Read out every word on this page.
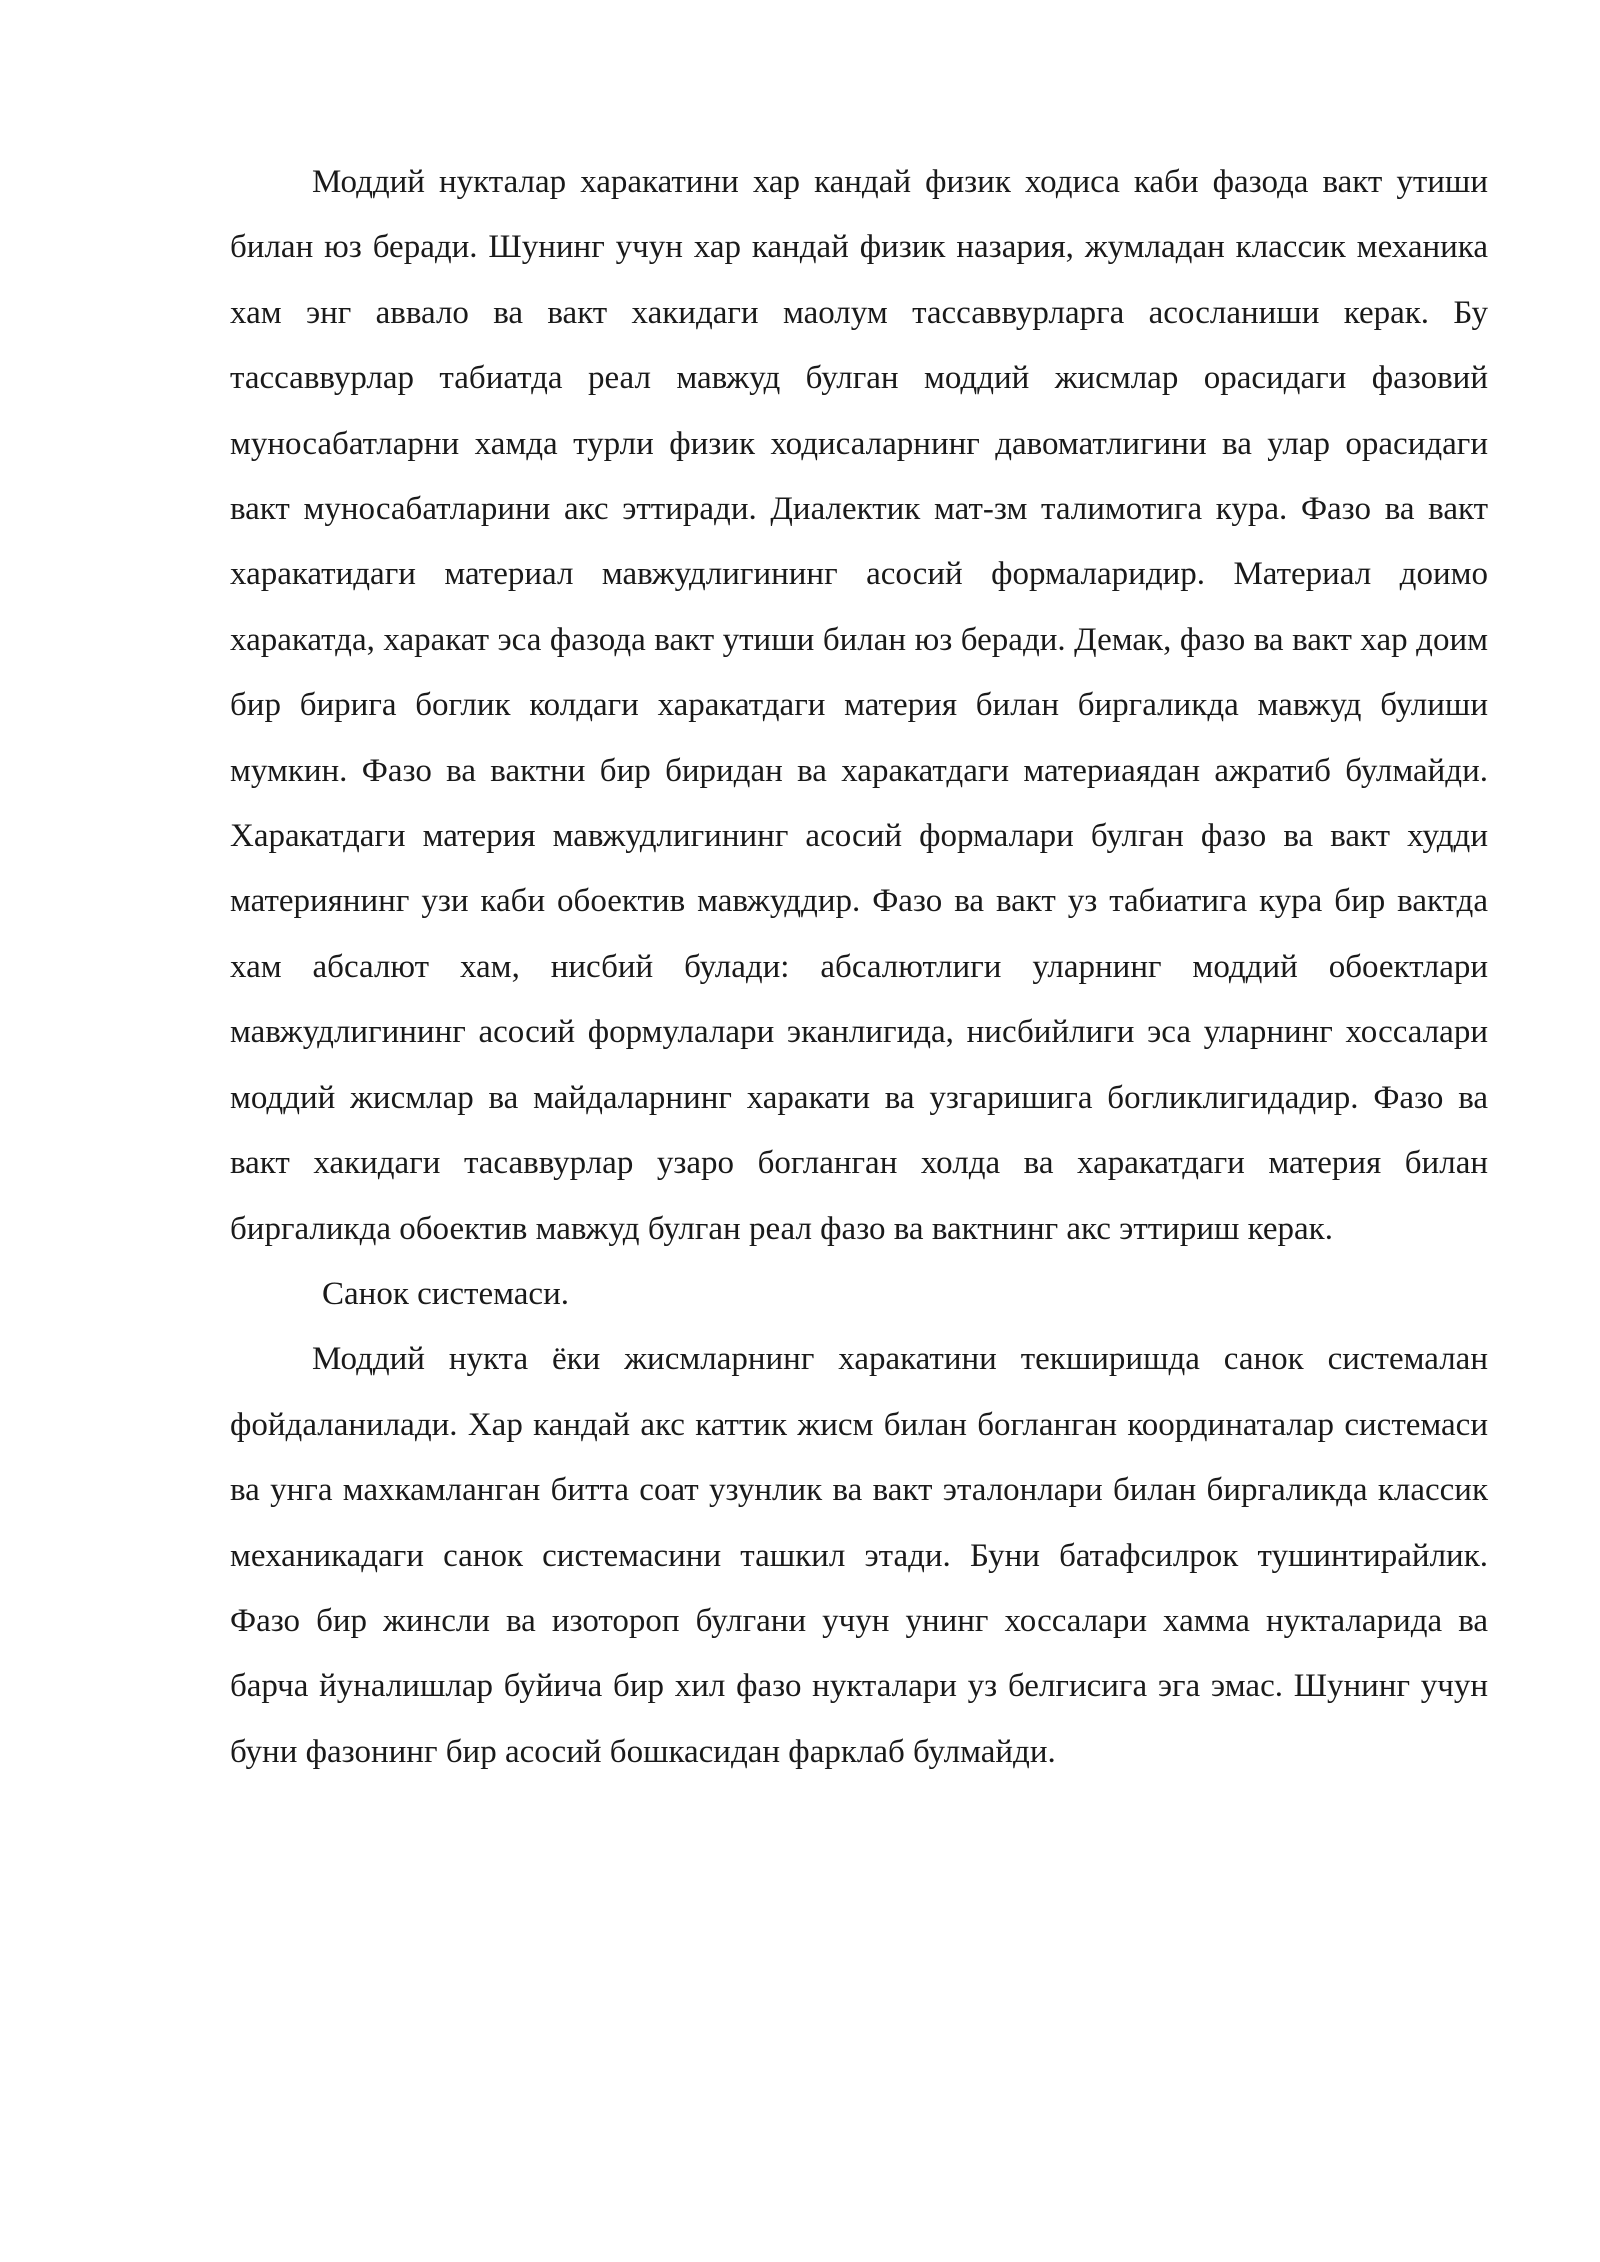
Моддий нукталар харакатини хар кандай физик ходиса каби фазода вакт утиши билан юз беради. Шунинг учун хар кандай физик назария, жумладан классик механика хам энг аввало ва вакт хакидаги маолум тассаввурларга асосланиши керак. Бу тассаввурлар табиатда реал мавжуд булган моддий жисмлар орасидаги фазовий муносабатларни хамда турли физик ходисаларнинг давоматлигини ва улар орасидаги вакт муносабатларини акс эттиради. Диалектик мат-зм талимотига кура. Фазо ва вакт харакатидаги материал мавжудлигининг асосий формаларидир. Материал доимо харакатда, харакат эса фазода вакт утиши билан юз беради. Демак, фазо ва вакт хар доим бир бирига боглик колдаги харакатдаги материя билан биргаликда мавжуд булиши мумкин. Фазо ва вактни бир биридан ва харакатдаги материаядан ажратиб булмайди. Харакатдаги материя мавжудлигининг асосий формалари булган фазо ва вакт худди материянинг узи каби обоектив мавжуддир. Фазо ва вакт уз табиатига кура бир вактда хам абсалют хам, нисбий булади: абсалютлиги уларнинг моддий обоектлари мавжудлигининг асосий формулалари эканлигида, нисбийлиги эса уларнинг хоссалари моддий жисмлар ва майдаларнинг харакати ва узгаришига богликлигидадир. Фазо ва вакт хакидаги тасаввурлар узаро богланган холда ва харакатдаги материя билан биргаликда обоектив мавжуд булган реал фазо ва вактнинг акс эттириш керак.

Санок системаси.

Моддий нукта ёки жисмларнинг харакатини текширишда санок системалан фойдаланилади. Хар кандай акс каттик жисм билан богланган координаталар системаси ва унга махкамланган битта соат узунлик ва вакт эталонлари билан биргаликда классик механикадаги санок системасини ташкил этади. Буни батафсилрок тушинтирайлик. Фазо бир жинсли ва изотороп булгани учун унинг хоссалари хамма нукталарида ва барча йуналишлар буйича бир хил фазо нукталари уз белгисига эга эмас. Шунинг учун буни фазонинг бир асосий бошкасидан фарклаб булмайди.
